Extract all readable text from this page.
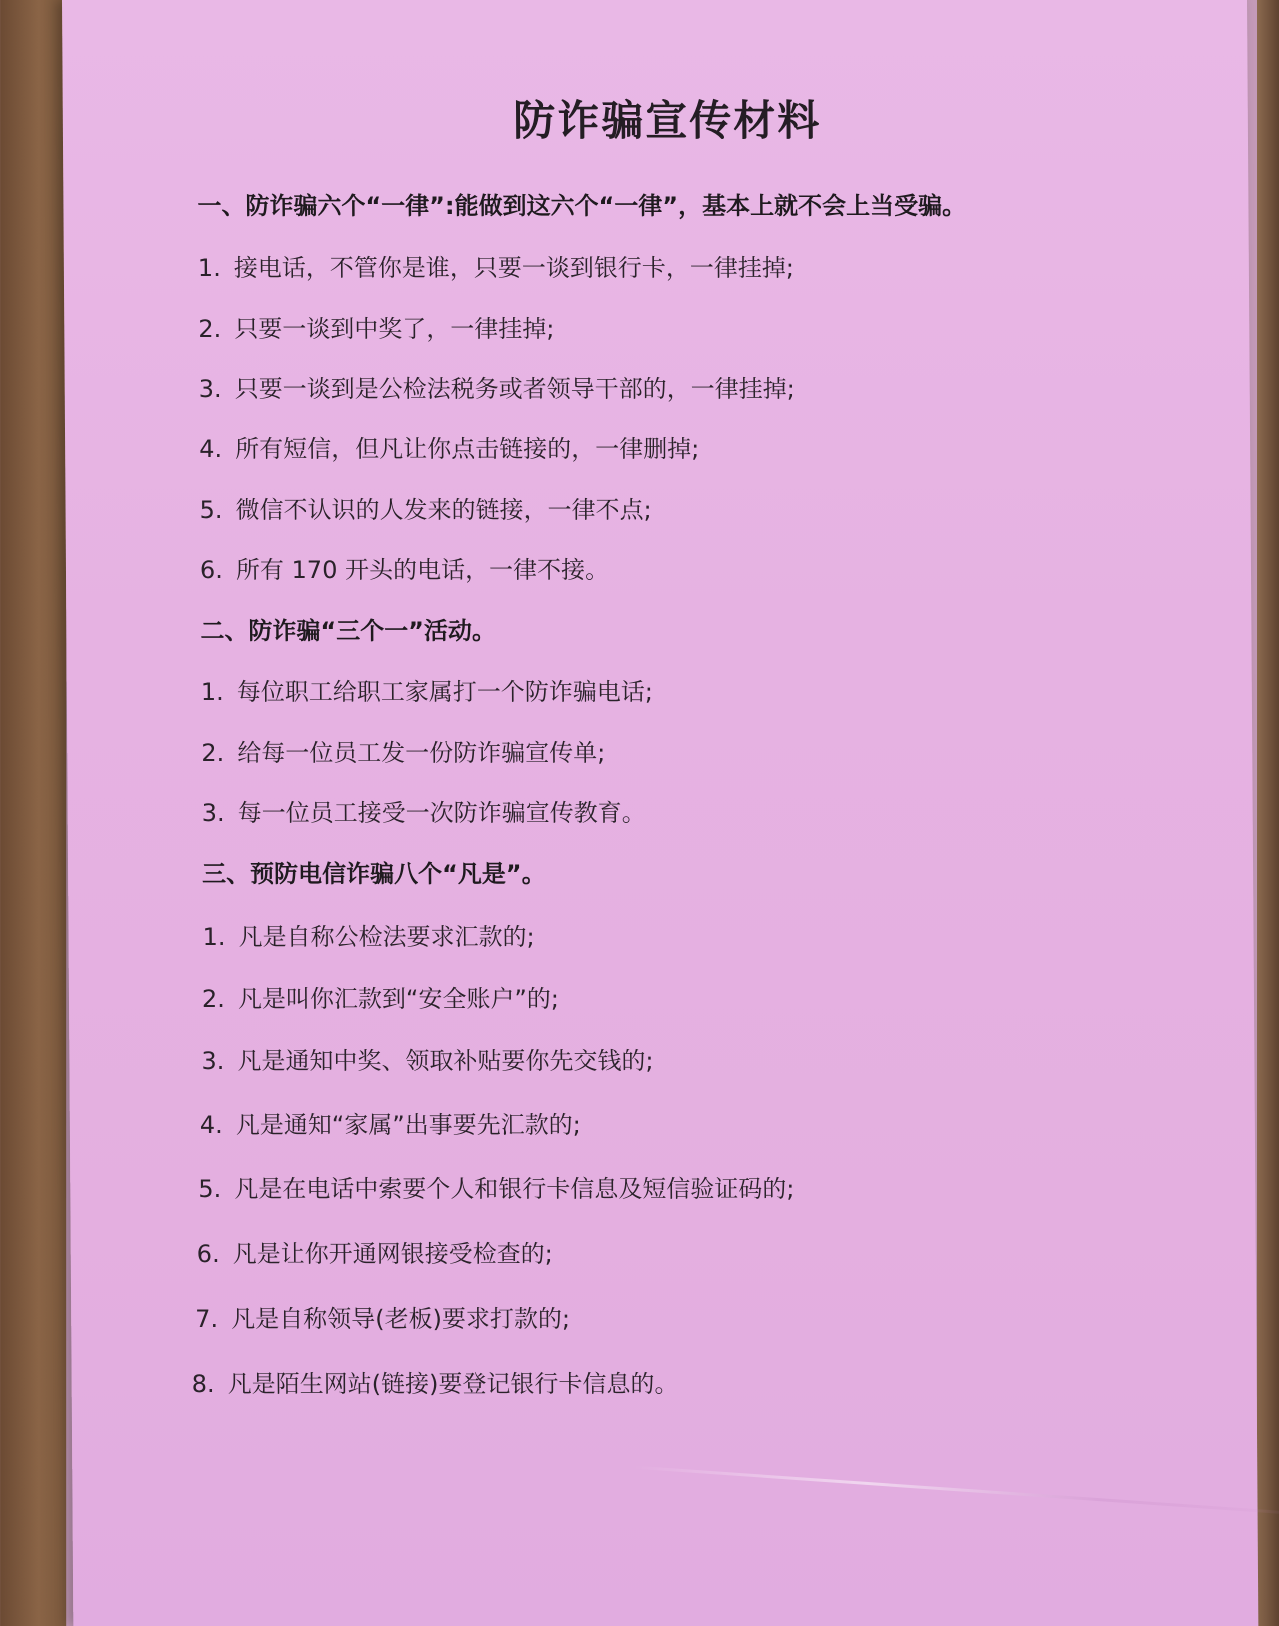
防诈骗宣传材料
一、防诈骗六个“一律”:能做到这六个“一律”，基本上就不会上当受骗。
1. 接电话，不管你是谁，只要一谈到银行卡，一律挂掉;
2. 只要一谈到中奖了，一律挂掉;
3. 只要一谈到是公检法税务或者领导干部的，一律挂掉;
4. 所有短信，但凡让你点击链接的，一律删掉;
5. 微信不认识的人发来的链接，一律不点;
6. 所有 170 开头的电话，一律不接。
二、防诈骗“三个一”活动。
1. 每位职工给职工家属打一个防诈骗电话;
2. 给每一位员工发一份防诈骗宣传单;
3. 每一位员工接受一次防诈骗宣传教育。
三、预防电信诈骗八个“凡是”。
1. 凡是自称公检法要求汇款的;
2. 凡是叫你汇款到“安全账户”的;
3. 凡是通知中奖、领取补贴要你先交钱的;
4. 凡是通知“家属”出事要先汇款的;
5. 凡是在电话中索要个人和银行卡信息及短信验证码的;
6. 凡是让你开通网银接受检查的;
7. 凡是自称领导(老板)要求打款的;
8. 凡是陌生网站(链接)要登记银行卡信息的。
